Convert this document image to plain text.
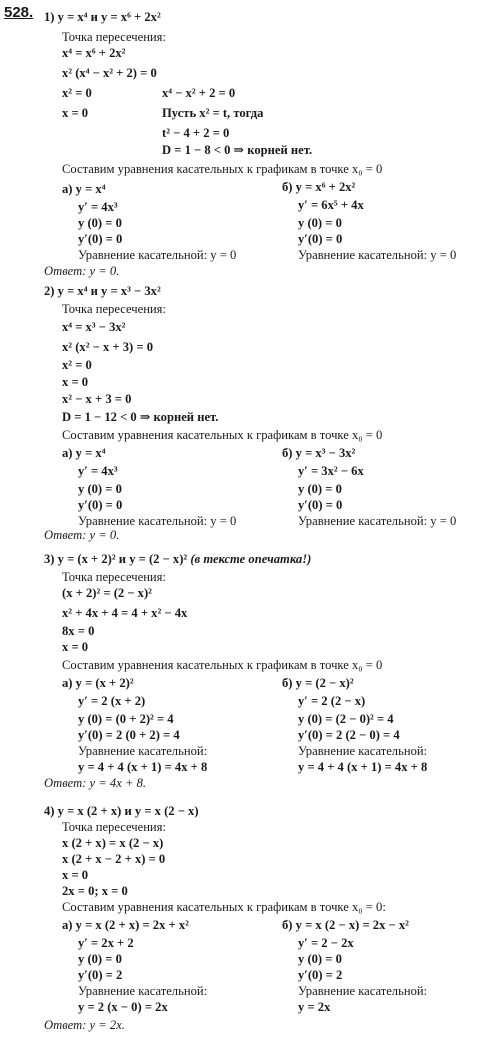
528. 1) y = x⁴ и y = x⁶ + 2x²
Точка пересечения:
x⁴ = x⁶ + 2x²
x² (x⁴ − x² + 2) = 0
x² = 0	x⁴ − x² + 2 = 0
x = 0	Пусть x² = t, тогда
t² − 4 + 2 = 0
D = 1 − 8 < 0 ⇒ корней нет.
Составим уравнения касательных к графикам в точке x₀ = 0
а) y = x⁴
y′ = 4x³
y (0) = 0
y′(0) = 0
Уравнение касательной: y = 0
б) y = x⁶ + 2x²
y′ = 6x⁵ + 4x
y (0) = 0
y′(0) = 0
Уравнение касательной: y = 0
Ответ: y = 0.
2) y = x⁴ и y = x³ − 3x²
Точка пересечения:
x⁴ = x³ − 3x²
x² (x² − x + 3) = 0
x² = 0
x = 0
x² − x + 3 = 0
D = 1 − 12 < 0 ⇒ корней нет.
Составим уравнения касательных к графикам в точке x₀ = 0
а) y = x⁴
y′ = 4x³
y (0) = 0
y′(0) = 0
Уравнение касательной: y = 0
б) y = x³ − 3x²
y′ = 3x² − 6x
y (0) = 0
y′(0) = 0
Уравнение касательной: y = 0
Ответ: y = 0.
3) y = (x + 2)² и y = (2 − x)² (в тексте опечатка!)
Точка пересечения:
(x + 2)² = (2 − x)²
x² + 4x + 4 = 4 + x² − 4x
8x = 0
x = 0
Составим уравнения касательных к графикам в точке x₀ = 0
а) y = (x + 2)²
y′ = 2 (x + 2)
y (0) = (0 + 2)² = 4
y′(0) = 2 (0 + 2) = 4
Уравнение касательной:
y = 4 + 4 (x + 1) = 4x + 8
б) y = (2 − x)²
y′ = 2 (2 − x)
y (0) = (2 − 0)² = 4
y′(0) = 2 (2 − 0) = 4
Уравнение касательной:
y = 4 + 4 (x + 1) = 4x + 8
Ответ: y = 4x + 8.
4) y = x (2 + x) и y = x (2 − x)
Точка пересечения:
x (2 + x) = x (2 − x)
x (2 + x − 2 + x) = 0
x = 0
2x = 0; x = 0
Составим уравнения касательных к графикам в точке x₀ = 0:
а) y = x (2 + x) = 2x + x²
y′ = 2x + 2
y (0) = 0
y′(0) = 2
Уравнение касательной:
y = 2 (x − 0) = 2x
б) y = x (2 − x) = 2x − x²
y′ = 2 − 2x
y (0) = 0
y′(0) = 2
Уравнение касательной:
y = 2x
Ответ: y = 2x.
